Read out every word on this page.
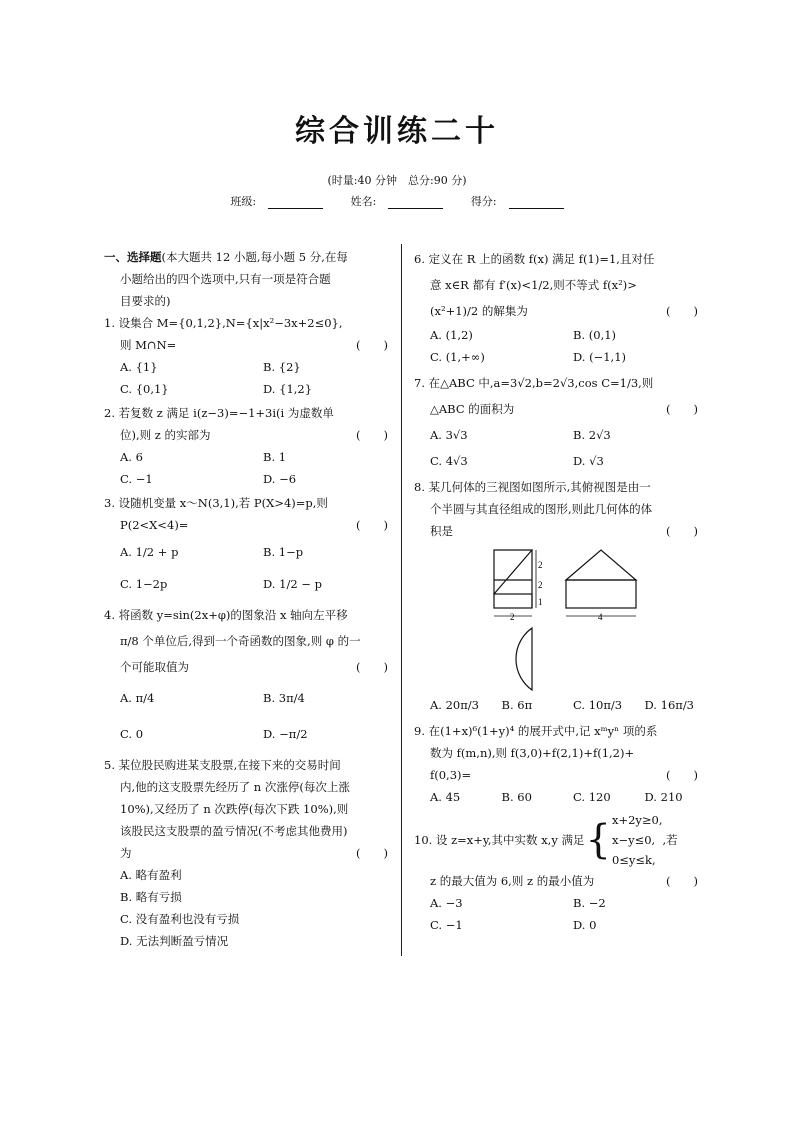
综合训练二十
(时量:40 分钟　总分:90 分)
班级:	姓名:	得分:
一、选择题(本大题共 12 小题,每小题 5 分,在每
小题给出的四个选项中,只有一项是符合题
目要求的)
1. 设集合 M={0,1,2},N={x|x²−3x+2≤0},
则 M∩N=	(　　)
A. {1}	B. {2}
C. {0,1}	D. {1,2}
2. 若复数 z 满足 i(z−3)=−1+3i(i 为虚数单
位),则 z 的实部为	(　　)
A. 6	B. 1
C. −1	D. −6
3. 设随机变量 x～N(3,1),若 P(X>4)=p,则
P(2<X<4)=	(　　)
A. 1/2 + p	B. 1−p
C. 1−2p	D. 1/2 − p
4. 将函数 y=sin(2x+φ)的图象沿 x 轴向左平移
π/8 个单位后,得到一个奇函数的图象,则 φ 的一
个可能取值为	(　　)
A. π/4	B. 3π/4
C. 0	D. −π/2
5. 某位股民购进某支股票,在接下来的交易时间
内,他的这支股票先经历了 n 次涨停(每次上涨
10%),又经历了 n 次跌停(每次下跌 10%),则
该股民这支股票的盈亏情况(不考虑其他费用)
为	(　　)
A. 略有盈利
B. 略有亏损
C. 没有盈利也没有亏损
D. 无法判断盈亏情况
6. 定义在 R 上的函数 f(x) 满足 f(1)=1,且对任
意 x∈R 都有 f′(x)<1/2,则不等式 f(x²)>
(x²+1)/2 的解集为	(　　)
A. (1,2)	B. (0,1)
C. (1,+∞)	D. (−1,1)
7. 在△ABC 中,a=3√2,b=2√3,cos C=1/3,则
△ABC 的面积为	(　　)
A. 3√3	B. 2√3
C. 4√3	D. √3
8. 某几何体的三视图如图所示,其俯视图是由一
个半圆与其直径组成的图形,则此几何体的体
积是	(　　)
2
2
1
2	4
A. 20π/3	B. 6π	C. 10π/3	D. 16π/3
9. 在(1+x)⁶(1+y)⁴ 的展开式中,记 xᵐyⁿ 项的系
数为 f(m,n),则 f(3,0)+f(2,1)+f(1,2)+
f(0,3)=	(　　)
A. 45	B. 60	C. 120	D. 210
10. 设 z=x+y,其中实数 x,y 满足 { x+2y≥0,
x−y≤0,
0≤y≤k,
,若
z 的最大值为 6,则 z 的最小值为	(　　)
A. −3	B. −2
C. −1	D. 0
